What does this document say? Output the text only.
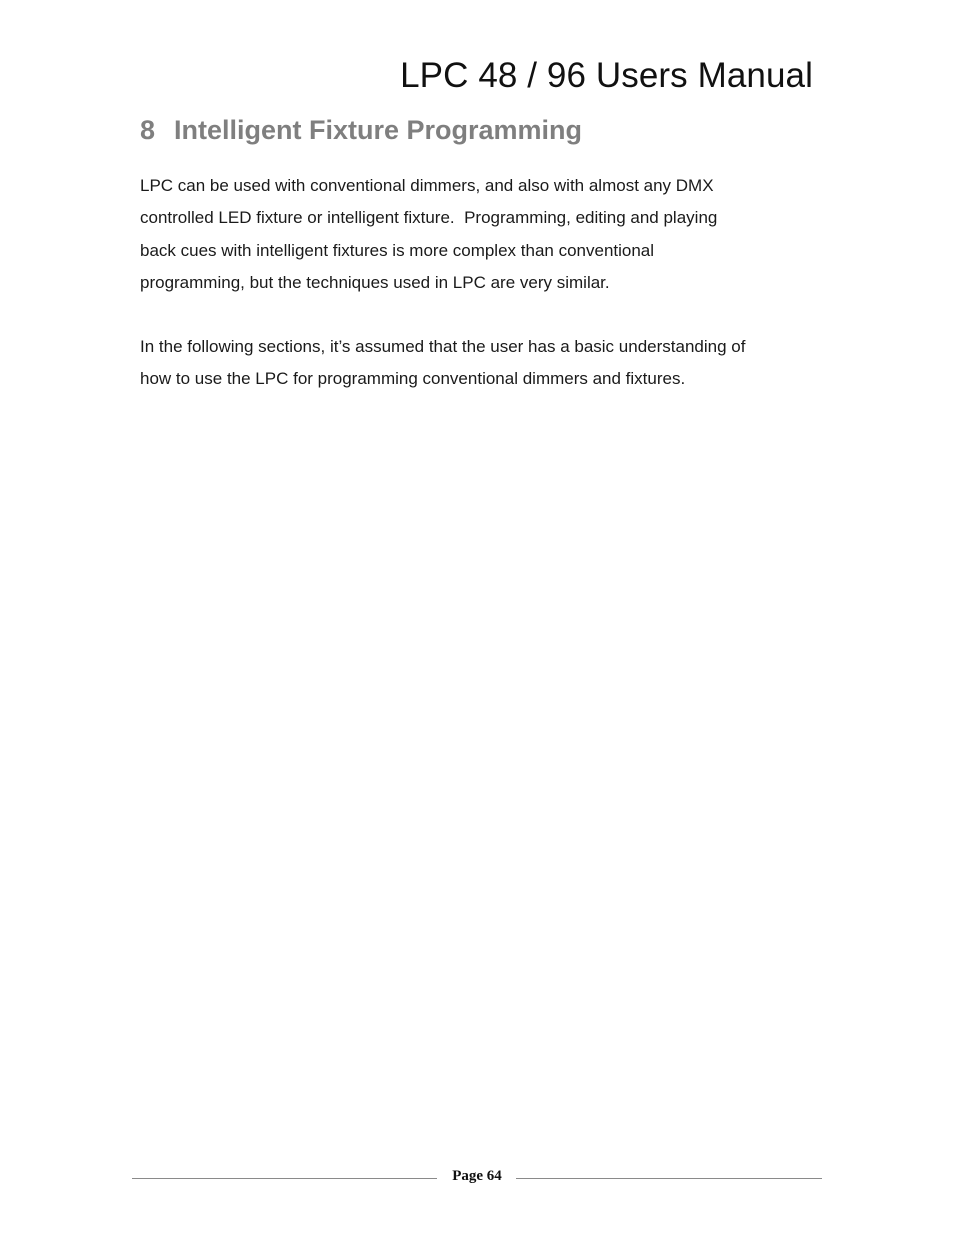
LPC 48 / 96 Users Manual
8 Intelligent Fixture Programming
LPC can be used with conventional dimmers, and also with almost any DMX
controlled LED fixture or intelligent fixture.  Programming, editing and playing
back cues with intelligent fixtures is more complex than conventional
programming, but the techniques used in LPC are very similar.
In the following sections, it’s assumed that the user has a basic understanding of
how to use the LPC for programming conventional dimmers and fixtures.
Page 64
